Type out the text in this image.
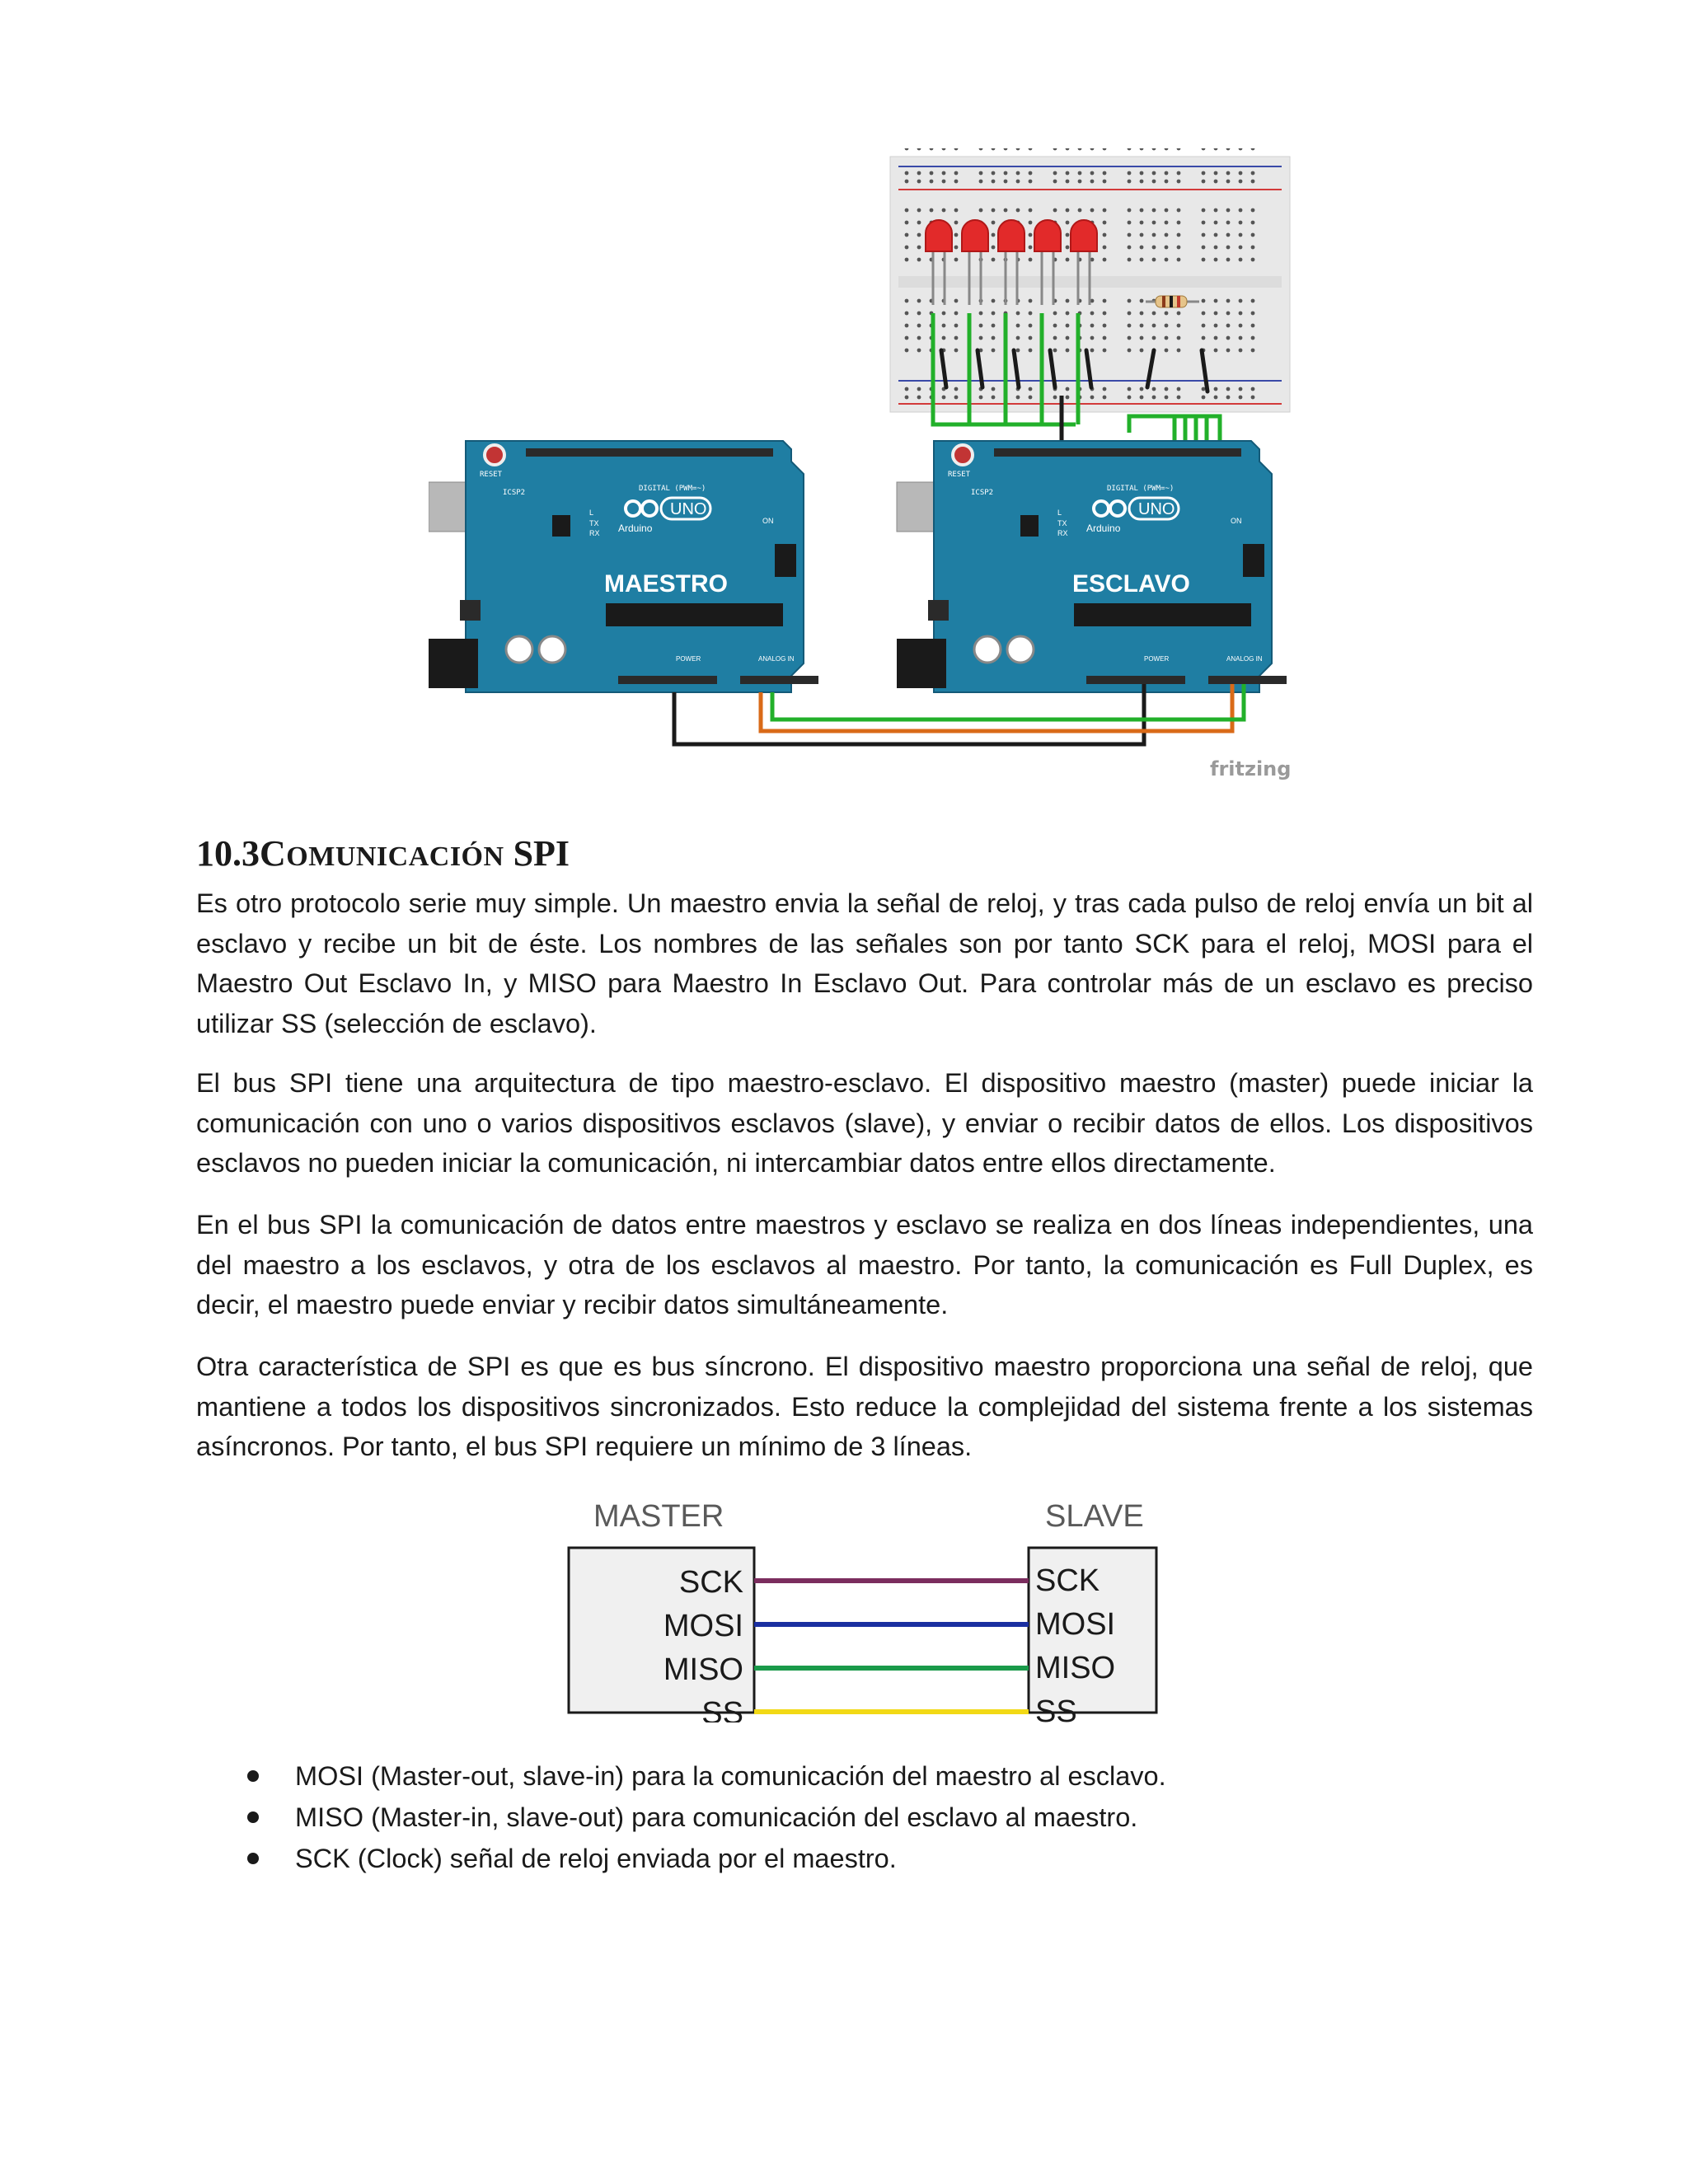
RESET
ICSP2	DIGITAL (PWM=~)
UNO
Arduino
L
TX
RX
ON
MAESTRO
POWER	ANALOG IN
RESET
ICSP2	DIGITAL (PWM=~)
UNO
Arduino
L
TX
RX
ON
ESCLAVO
POWER	ANALOG IN
fritzing
10.3COMUNICACIÓN SPI

Es otro protocolo serie muy simple. Un maestro envia la señal de reloj, y tras cada pulso de reloj envía un bit al esclavo y recibe un bit de éste. Los nombres de las señales son por tanto SCK para el reloj, MOSI para el Maestro Out Esclavo In, y MISO para Maestro In Esclavo Out. Para controlar más de un esclavo es preciso utilizar SS (selección de esclavo).

El bus SPI tiene una arquitectura de tipo maestro-esclavo. El dispositivo maestro (master) puede iniciar la comunicación con uno o varios dispositivos esclavos (slave), y enviar o recibir datos de ellos. Los dispositivos esclavos no pueden iniciar la comunicación, ni intercambiar datos entre ellos directamente.

En el bus SPI la comunicación de datos entre maestros y esclavo se realiza en dos líneas independientes, una del maestro a los esclavos, y otra de los esclavos al maestro. Por tanto, la comunicación es Full Duplex, es decir, el maestro puede enviar y recibir datos simultáneamente.

Otra característica de SPI es que es bus síncrono. El dispositivo maestro proporciona una señal de reloj, que mantiene a todos los dispositivos sincronizados. Esto reduce la complejidad del sistema frente a los sistemas asíncronos. Por tanto, el bus SPI requiere un mínimo de 3 líneas.

MASTER	SLAVE
SCK	SCK
MOSI	MOSI
MISO	MISO
SS	SS
MOSI (Master-out, slave-in) para la comunicación del maestro al esclavo.
MISO (Master-in, slave-out) para comunicación del esclavo al maestro.
SCK (Clock) señal de reloj enviada por el maestro.
